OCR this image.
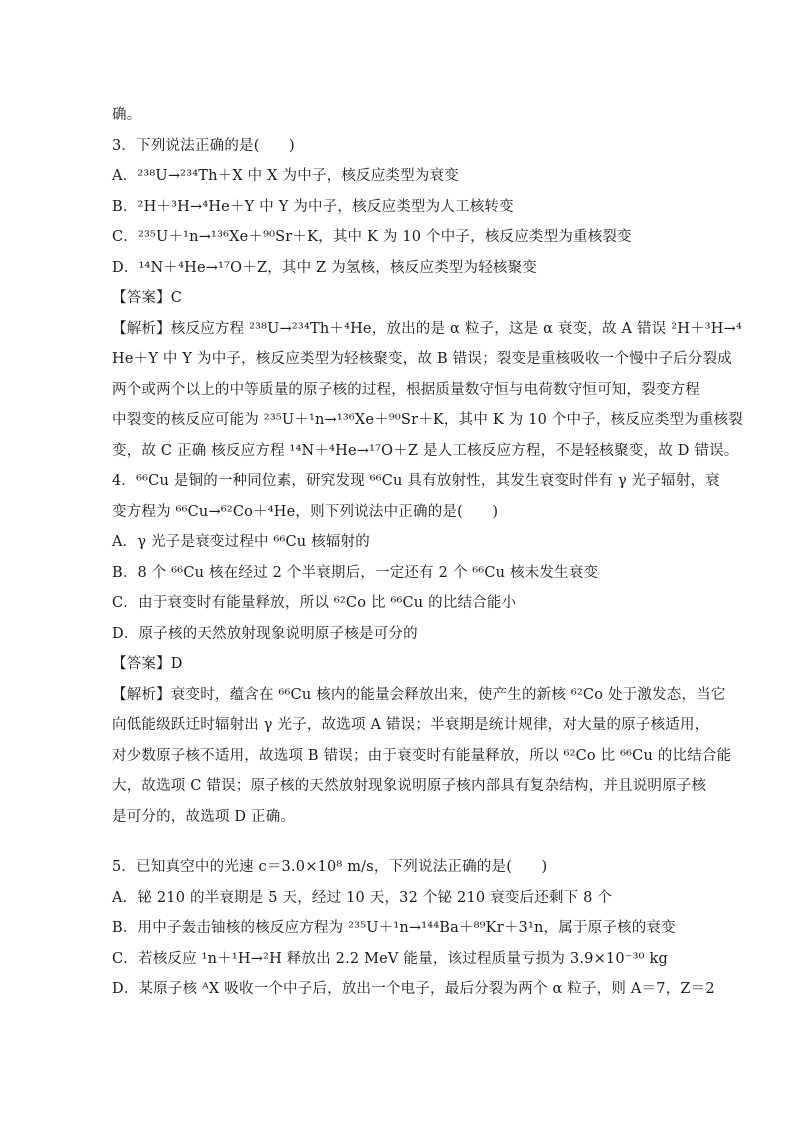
确。
3．下列说法正确的是(　　)
A．²³⁸U→²³⁴Th＋X 中 X 为中子，核反应类型为衰变
B．²H＋³H→⁴He＋Y 中 Y 为中子，核反应类型为人工核转变
C．²³⁵U＋¹n→¹³⁶Xe＋⁹⁰Sr＋K，其中 K 为 10 个中子，核反应类型为重核裂变
D．¹⁴N＋⁴He→¹⁷O＋Z，其中 Z 为氢核，核反应类型为轻核聚变
【答案】C
【解析】核反应方程 ²³⁸U→²³⁴Th＋⁴He，放出的是 α 粒子，这是 α 衰变，故 A 错误 ²H＋³H→⁴
He＋Y 中 Y 为中子，核反应类型为轻核聚变，故 B 错误；裂变是重核吸收一个慢中子后分裂成
两个或两个以上的中等质量的原子核的过程，根据质量数守恒与电荷数守恒可知，裂变方程
中裂变的核反应可能为 ²³⁵U＋¹n→¹³⁶Xe＋⁹⁰Sr＋K，其中 K 为 10 个中子，核反应类型为重核裂
变，故 C 正确 核反应方程 ¹⁴N＋⁴He→¹⁷O＋Z 是人工核反应方程，不是轻核聚变，故 D 错误。
4．⁶⁶Cu 是铜的一种同位素，研究发现 ⁶⁶Cu 具有放射性，其发生衰变时伴有 γ 光子辐射，衰
变方程为 ⁶⁶Cu→⁶²Co＋⁴He，则下列说法中正确的是(　　)
A．γ 光子是衰变过程中 ⁶⁶Cu 核辐射的
B．8 个 ⁶⁶Cu 核在经过 2 个半衰期后，一定还有 2 个 ⁶⁶Cu 核未发生衰变
C．由于衰变时有能量释放，所以 ⁶²Co 比 ⁶⁶Cu 的比结合能小
D．原子核的天然放射现象说明原子核是可分的
【答案】D
【解析】衰变时，蕴含在 ⁶⁶Cu 核内的能量会释放出来，使产生的新核 ⁶²Co 处于激发态，当它
向低能级跃迁时辐射出 γ 光子，故选项 A 错误；半衰期是统计规律，对大量的原子核适用，
对少数原子核不适用，故选项 B 错误；由于衰变时有能量释放，所以 ⁶²Co 比 ⁶⁶Cu 的比结合能
大，故选项 C 错误；原子核的天然放射现象说明原子核内部具有复杂结构，并且说明原子核
是可分的，故选项 D 正确。
5．已知真空中的光速 c＝3.0×10⁸ m/s，下列说法正确的是(　　)
A．铋 210 的半衰期是 5 天，经过 10 天，32 个铋 210 衰变后还剩下 8 个
B．用中子轰击铀核的核反应方程为 ²³⁵U＋¹n→¹⁴⁴Ba＋⁸⁹Kr＋3¹n，属于原子核的衰变
C．若核反应 ¹n＋¹H→²H 释放出 2.2 MeV 能量，该过程质量亏损为 3.9×10⁻³⁰ kg
D．某原子核 ᴬX 吸收一个中子后，放出一个电子，最后分裂为两个 α 粒子，则 A＝7，Z＝2
